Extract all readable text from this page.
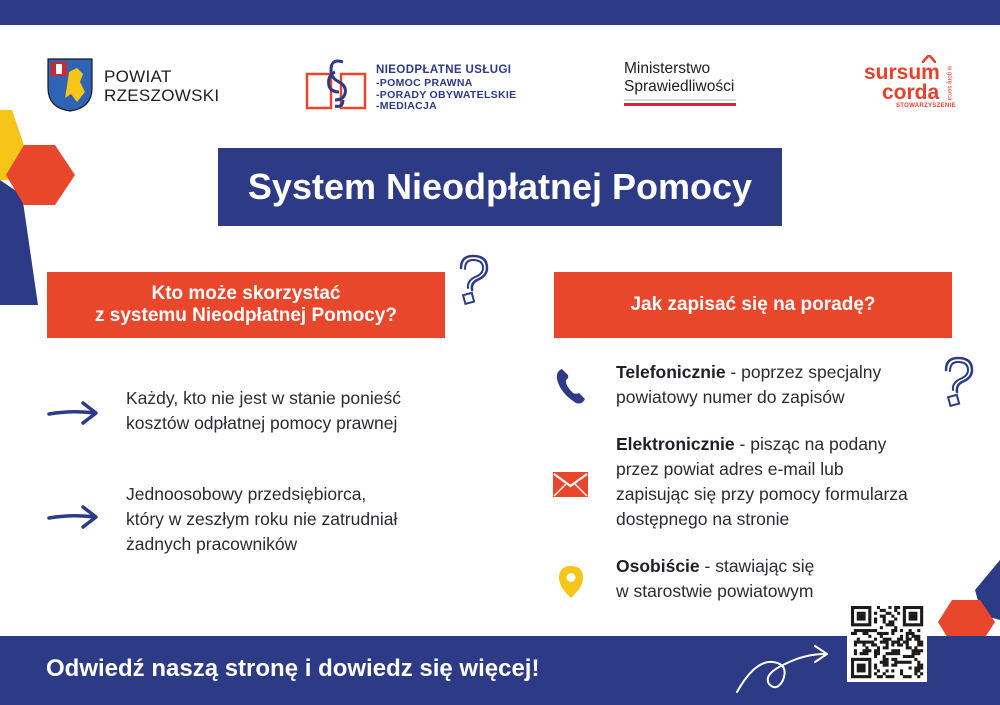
POWIAT
RZESZOWSKI
NIEODPŁATNE USŁUGI
-POMOC PRAWNA
-PORADY OBYWATELSKIE
-MEDIACJA
Ministerstwo
Sprawiedliwości
sursum
corda
STOWARZYSZENIE
w górę serca
System Nieodpłatnej Pomocy
Kto może skorzystać
z systemu Nieodpłatnej Pomocy?
Każdy, kto nie jest w stanie ponieść
kosztów odpłatnej pomocy prawnej
Jednoosobowy przedsiębiorca,
który w zeszłym roku nie zatrudniał
żadnych pracowników
Jak zapisać się na poradę?
Telefonicznie - poprzez specjalny
powiatowy numer do zapisów
Elektronicznie - pisząc na podany
przez powiat adres e-mail lub
zapisując się przy pomocy formularza
dostępnego na stronie
Osobiście - stawiając się
w starostwie powiatowym
Odwiedź naszą stronę i dowiedz się więcej!
